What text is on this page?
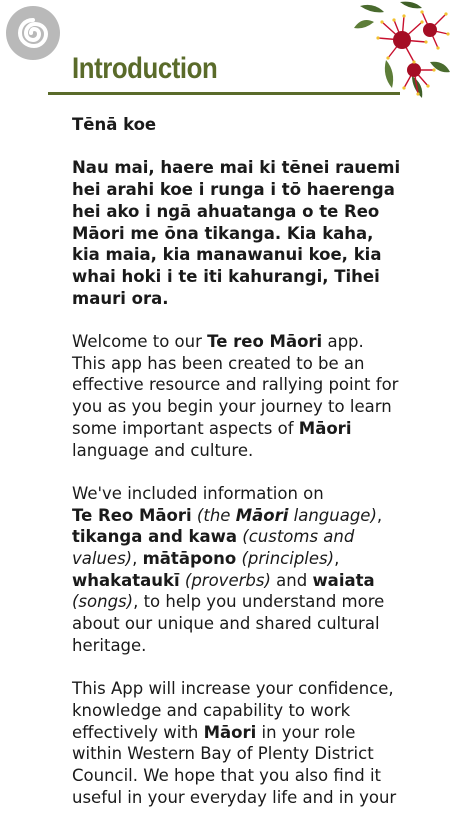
Introduction

Tēnā koe

Nau mai, haere mai ki tēnei rauemi hei arahi koe i runga i tō haerenga hei ako i ngā ahuatanga o te Reo Māori me ōna tikanga. Kia kaha, kia maia, kia manawanui koe, kia whai hoki i te iti kahurangi, Tihei mauri ora.

Welcome to our Te reo Māori app. This app has been created to be an effective resource and rallying point for you as you begin your journey to learn some important aspects of Māori language and culture.

We've included information on
Te Reo Māori (the Māori language),
tikanga and kawa (customs and values), mātāpono (principles),
whakataukī (proverbs) and waiata (songs), to help you understand more about our unique and shared cultural heritage.

This App will increase your confidence, knowledge and capability to work effectively with Māori in your role within Western Bay of Plenty District Council. We hope that you also find it useful in your everyday life and in your
